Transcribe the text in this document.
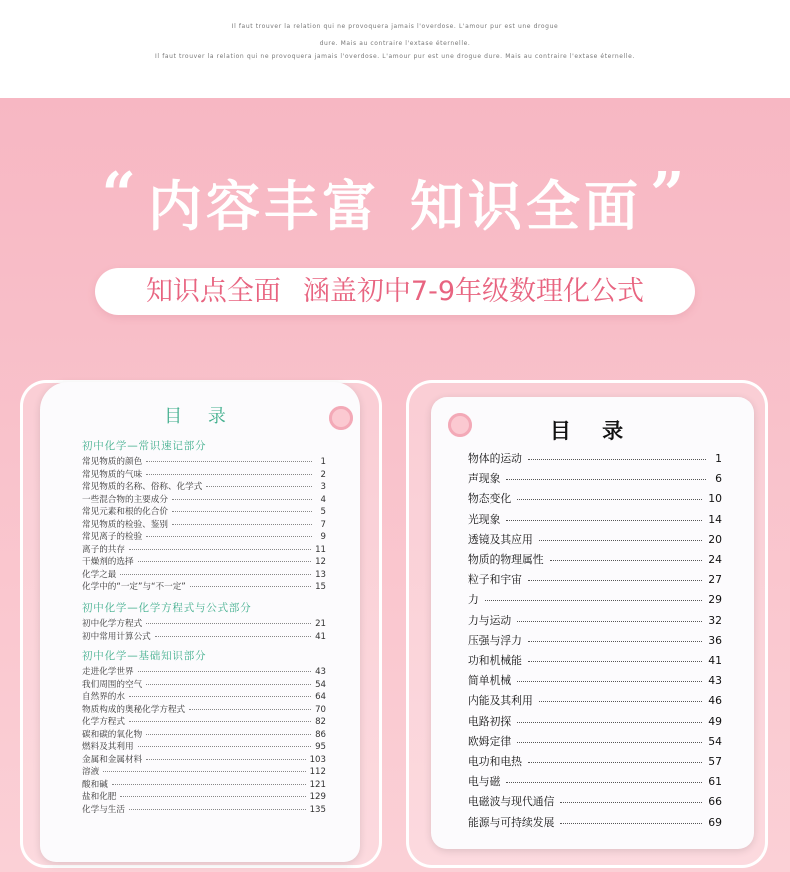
Il faut trouver la relation qui ne provoquera jamais l'overdose. L'amour pur est une drogue
dure. Mais au contraire l'extase éternelle.
Il faut trouver la relation qui ne provoquera jamais l'overdose. L'amour pur est une drogue dure. Mais au contraire l'extase éternelle.
“ 内容丰富 知识全面 ”
知识点全面 涵盖初中7-9年级数理化公式
目 录
初中化学—常识速记部分
常见物质的颜色	1
常见物质的气味	2
常见物质的名称、俗称、化学式	3
一些混合物的主要成分	4
常见元素和根的化合价	5
常见物质的检验、鉴别	7
常见离子的检验	9
离子的共存	11
干燥剂的选择	12
化学之最	13
化学中的“一定”与“不一定”	15
初中化学—化学方程式与公式部分
初中化学方程式	21
初中常用计算公式	41
初中化学—基础知识部分
走进化学世界	43
我们周围的空气	54
自然界的水	64
物质构成的奥秘化学方程式	70
化学方程式	82
碳和碳的氧化物	86
燃料及其利用	95
金属和金属材料	103
溶液	112
酸和碱	121
盐和化肥	129
化学与生活	135
目 录
物体的运动	1
声现象	6
物态变化	10
光现象	14
透镜及其应用	20
物质的物理属性	24
粒子和宇宙	27
力	29
力与运动	32
压强与浮力	36
功和机械能	41
简单机械	43
内能及其利用	46
电路初探	49
欧姆定律	54
电功和电热	57
电与磁	61
电磁波与现代通信	66
能源与可持续发展	69
